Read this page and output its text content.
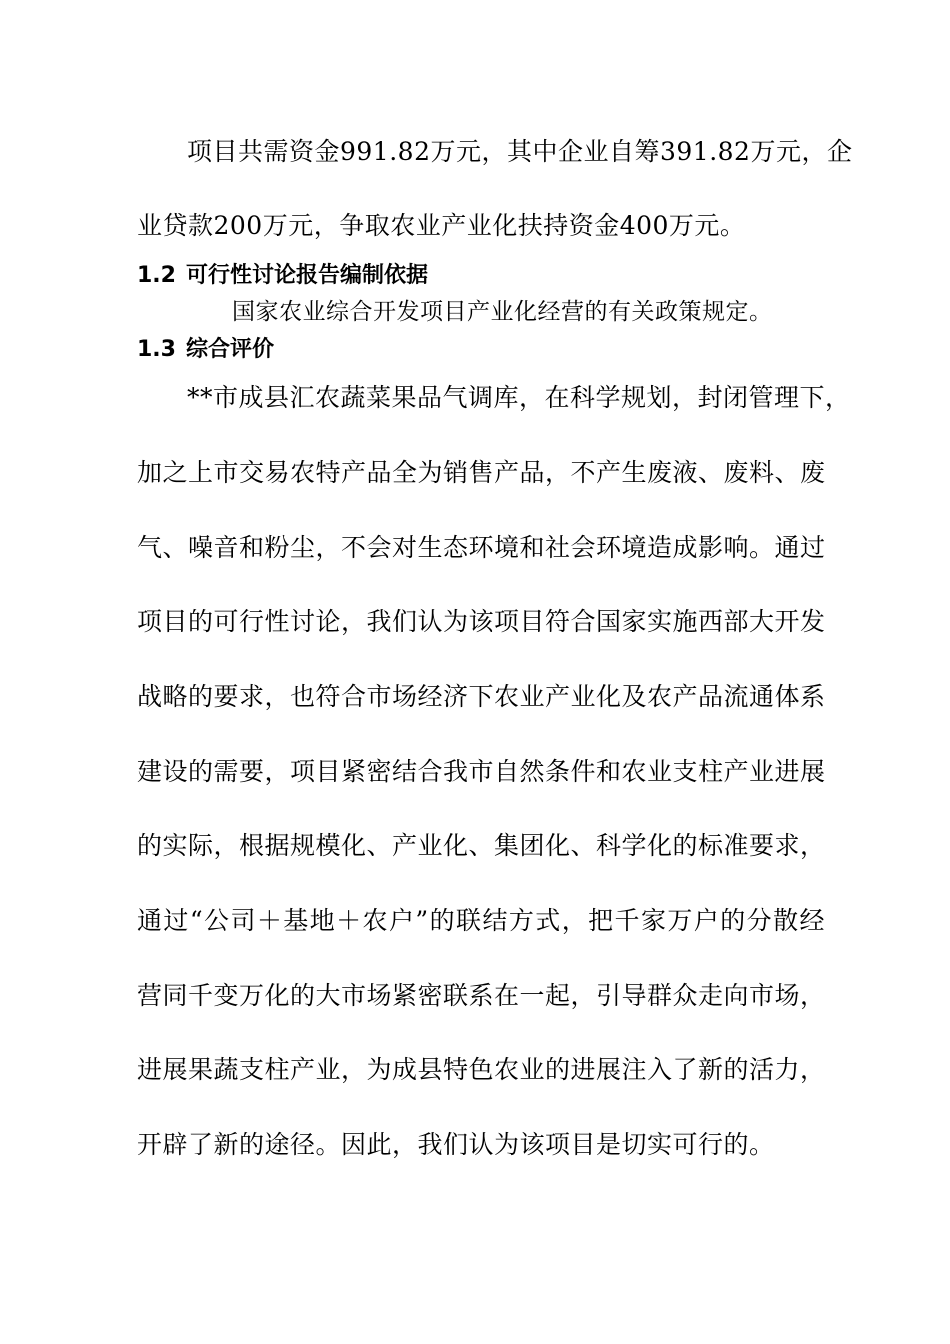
项目共需资金991.82万元，其中企业自筹391.82万元，企
业贷款200万元，争取农业产业化扶持资金400万元。
1.2 可行性讨论报告编制依据
国家农业综合开发项目产业化经营的有关政策规定。
1.3 综合评价
**市成县汇农蔬菜果品气调库，在科学规划，封闭管理下，
加之上市交易农特产品全为销售产品，不产生废液、废料、废
气、噪音和粉尘，不会对生态环境和社会环境造成影响。通过
项目的可行性讨论，我们认为该项目符合国家实施西部大开发
战略的要求，也符合市场经济下农业产业化及农产品流通体系
建设的需要，项目紧密结合我市自然条件和农业支柱产业进展
的实际，根据规模化、产业化、集团化、科学化的标准要求，
通过“公司＋基地＋农户”的联结方式，把千家万户的分散经
营同千变万化的大市场紧密联系在一起，引导群众走向市场，
进展果蔬支柱产业，为成县特色农业的进展注入了新的活力，
开辟了新的途径。因此，我们认为该项目是切实可行的。
